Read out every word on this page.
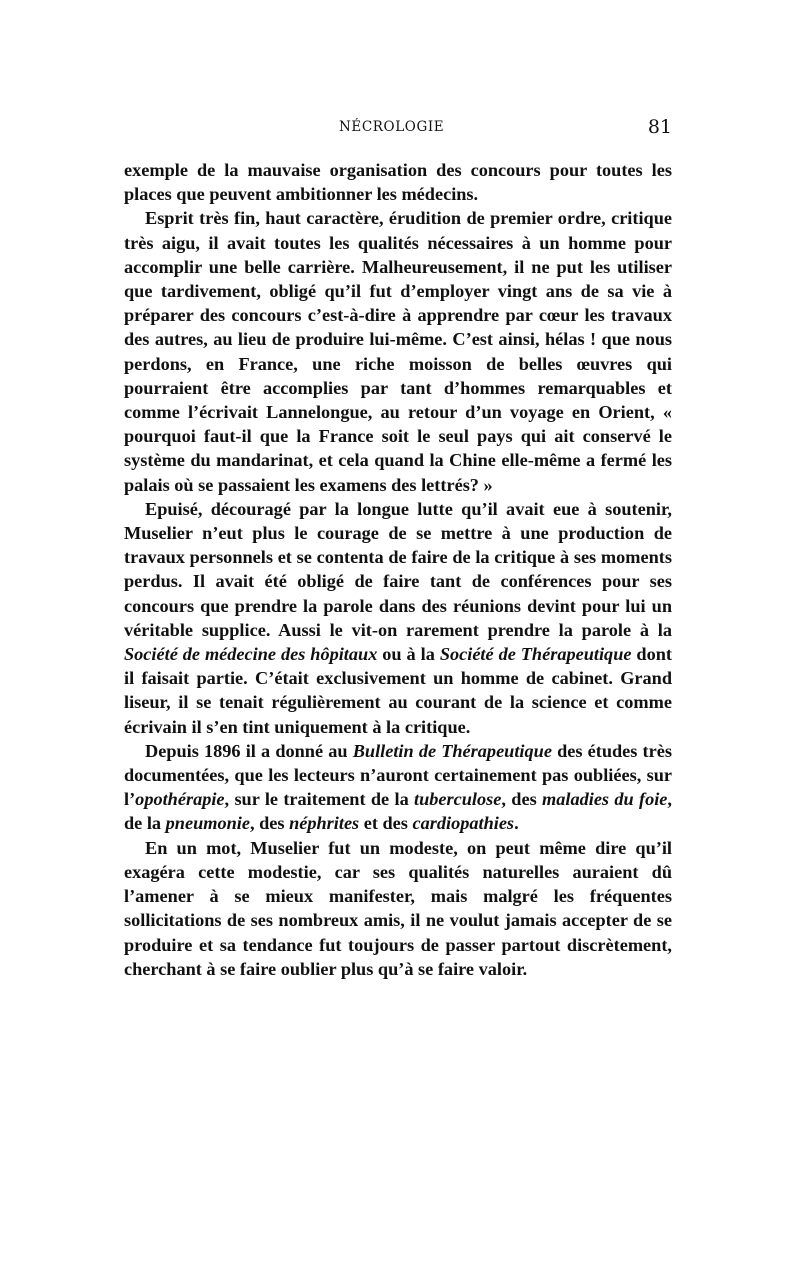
NÉCROLOGIE	81

exemple de la mauvaise organisation des concours pour toutes les places que peuvent ambitionner les médecins.

Esprit très fin, haut caractère, érudition de premier ordre, critique très aigu, il avait toutes les qualités nécessaires à un homme pour accomplir une belle carrière. Malheureusement, il ne put les utiliser que tardivement, obligé qu’il fut d’employer vingt ans de sa vie à préparer des concours c’est-à-dire à apprendre par cœur les travaux des autres, au lieu de produire lui-même. C’est ainsi, hélas ! que nous perdons, en France, une riche moisson de belles œuvres qui pourraient être accomplies par tant d’hommes remarquables et comme l’écrivait Lannelongue, au retour d’un voyage en Orient, « pourquoi faut-il que la France soit le seul pays qui ait conservé le système du mandarinat, et cela quand la Chine elle-même a fermé les palais où se passaient les examens des lettrés? »

Epuisé, découragé par la longue lutte qu’il avait eue à soutenir, Muselier n’eut plus le courage de se mettre à une production de travaux personnels et se contenta de faire de la critique à ses moments perdus. Il avait été obligé de faire tant de conférences pour ses concours que prendre la parole dans des réunions devint pour lui un véritable supplice. Aussi le vit-on rarement prendre la parole à la Société de médecine des hôpitaux ou à la Société de Thérapeutique dont il faisait partie. C’était exclusivement un homme de cabinet. Grand liseur, il se tenait régulièrement au courant de la science et comme écrivain il s’en tint uniquement à la critique.

Depuis 1896 il a donné au Bulletin de Thérapeutique des études très documentées, que les lecteurs n’auront certainement pas oubliées, sur l’opothérapie, sur le traitement de la tuberculose, des maladies du foie, de la pneumonie, des néphrites et des cardiopathies.

En un mot, Muselier fut un modeste, on peut même dire qu’il exagéra cette modestie, car ses qualités naturelles auraient dû l’amener à se mieux manifester, mais malgré les fréquentes sollicitations de ses nombreux amis, il ne voulut jamais accepter de se produire et sa tendance fut toujours de passer partout discrètement, cherchant à se faire oublier plus qu’à se faire valoir.
